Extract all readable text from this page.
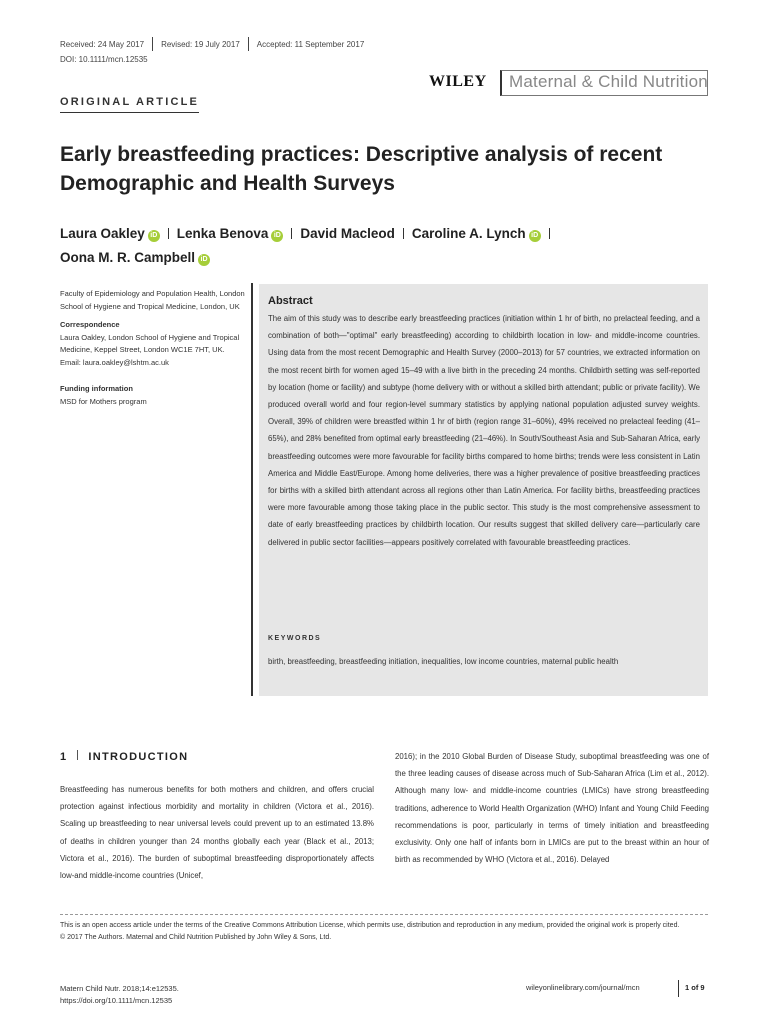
Received: 24 May 2017 Revised: 19 July 2017 Accepted: 11 September 2017
DOI: 10.1111/mcn.12535
WILEY Maternal & Child Nutrition
ORIGINAL ARTICLE
Early breastfeeding practices: Descriptive analysis of recent Demographic and Health Surveys
Laura Oakley iD Lenka Benova iD David Macleod Caroline A. Lynch iD
Oona M. R. Campbell iD
Faculty of Epidemiology and Population Health, London School of Hygiene and Tropical Medicine, London, UK
Correspondence
Laura Oakley, London School of Hygiene and Tropical Medicine, Keppel Street, London WC1E 7HT, UK.
Email: laura.oakley@lshtm.ac.uk
Funding information
MSD for Mothers program
Abstract
The aim of this study was to describe early breastfeeding practices (initiation within 1 hr of birth, no prelacteal feeding, and a combination of both—"optimal" early breastfeeding) according to childbirth location in low- and middle-income countries. Using data from the most recent Demographic and Health Survey (2000–2013) for 57 countries, we extracted information on the most recent birth for women aged 15–49 with a live birth in the preceding 24 months. Childbirth setting was self-reported by location (home or facility) and subtype (home delivery with or without a skilled birth attendant; public or private facility). We produced overall world and four region-level summary statistics by applying national population adjusted survey weights. Overall, 39% of children were breastfed within 1 hr of birth (region range 31–60%), 49% received no prelacteal feeding (41–65%), and 28% benefited from optimal early breastfeeding (21–46%). In South/Southeast Asia and Sub-Saharan Africa, early breastfeeding outcomes were more favourable for facility births compared to home births; trends were less consistent in Latin America and Middle East/Europe. Among home deliveries, there was a higher prevalence of positive breastfeeding practices for births with a skilled birth attendant across all regions other than Latin America. For facility births, breastfeeding practices were more favourable among those taking place in the public sector. This study is the most comprehensive assessment to date of early breastfeeding practices by childbirth location. Our results suggest that skilled delivery care—particularly care delivered in public sector facilities—appears positively correlated with favourable breastfeeding practices.
KEYWORDS
birth, breastfeeding, breastfeeding initiation, inequalities, low income countries, maternal public health
1 INTRODUCTION
Breastfeeding has numerous benefits for both mothers and children, and offers crucial protection against infectious morbidity and mortality in children (Victora et al., 2016). Scaling up breastfeeding to near universal levels could prevent up to an estimated 13.8% of deaths in children younger than 24 months globally each year (Black et al., 2013; Victora et al., 2016). The burden of suboptimal breastfeeding disproportionately affects low-and middle-income countries (Unicef,
2016); in the 2010 Global Burden of Disease Study, suboptimal breastfeeding was one of the three leading causes of disease across much of Sub-Saharan Africa (Lim et al., 2012). Although many low- and middle-income countries (LMICs) have strong breastfeeding traditions, adherence to World Health Organization (WHO) Infant and Young Child Feeding recommendations is poor, particularly in terms of timely initiation and breastfeeding exclusivity. Only one half of infants born in LMICs are put to the breast within an hour of birth as recommended by WHO (Victora et al., 2016). Delayed
This is an open access article under the terms of the Creative Commons Attribution License, which permits use, distribution and reproduction in any medium, provided the original work is properly cited.
© 2017 The Authors. Maternal and Child Nutrition Published by John Wiley & Sons, Ltd.
Matern Child Nutr. 2018;14:e12535.
https://doi.org/10.1111/mcn.12535
wileyonlinelibrary.com/journal/mcn	1 of 9
